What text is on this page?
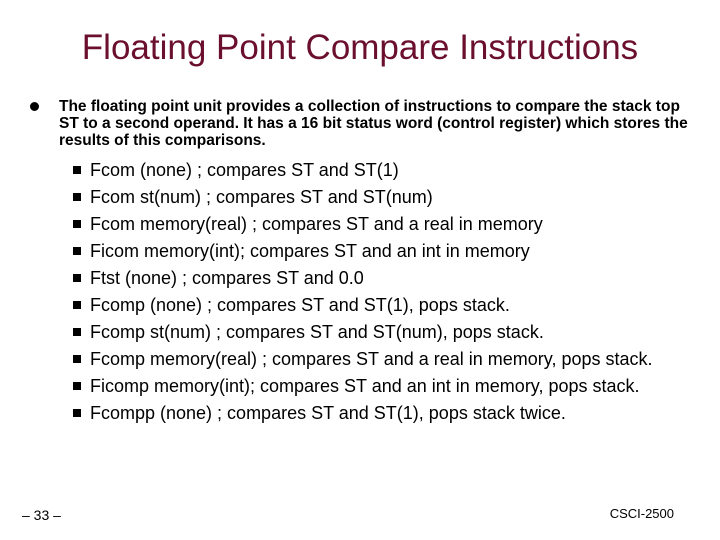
Floating Point Compare Instructions
The floating point unit provides a collection of instructions to compare the stack top ST to a second operand. It has a 16 bit status word (control register) which stores the results of this comparisons.
Fcom (none) ; compares ST and ST(1)
Fcom st(num) ; compares ST and ST(num)
Fcom memory(real) ; compares ST and a real in memory
Ficom memory(int); compares ST and an int in memory
Ftst (none) ; compares ST and 0.0
Fcomp (none) ; compares ST and ST(1), pops stack.
Fcomp st(num) ; compares ST and ST(num), pops stack.
Fcomp memory(real) ; compares ST and a real in memory, pops stack.
Ficomp memory(int); compares ST and an int in memory, pops stack.
Fcompp (none) ; compares ST and ST(1), pops stack twice.
– 33 –	CSCI-2500
